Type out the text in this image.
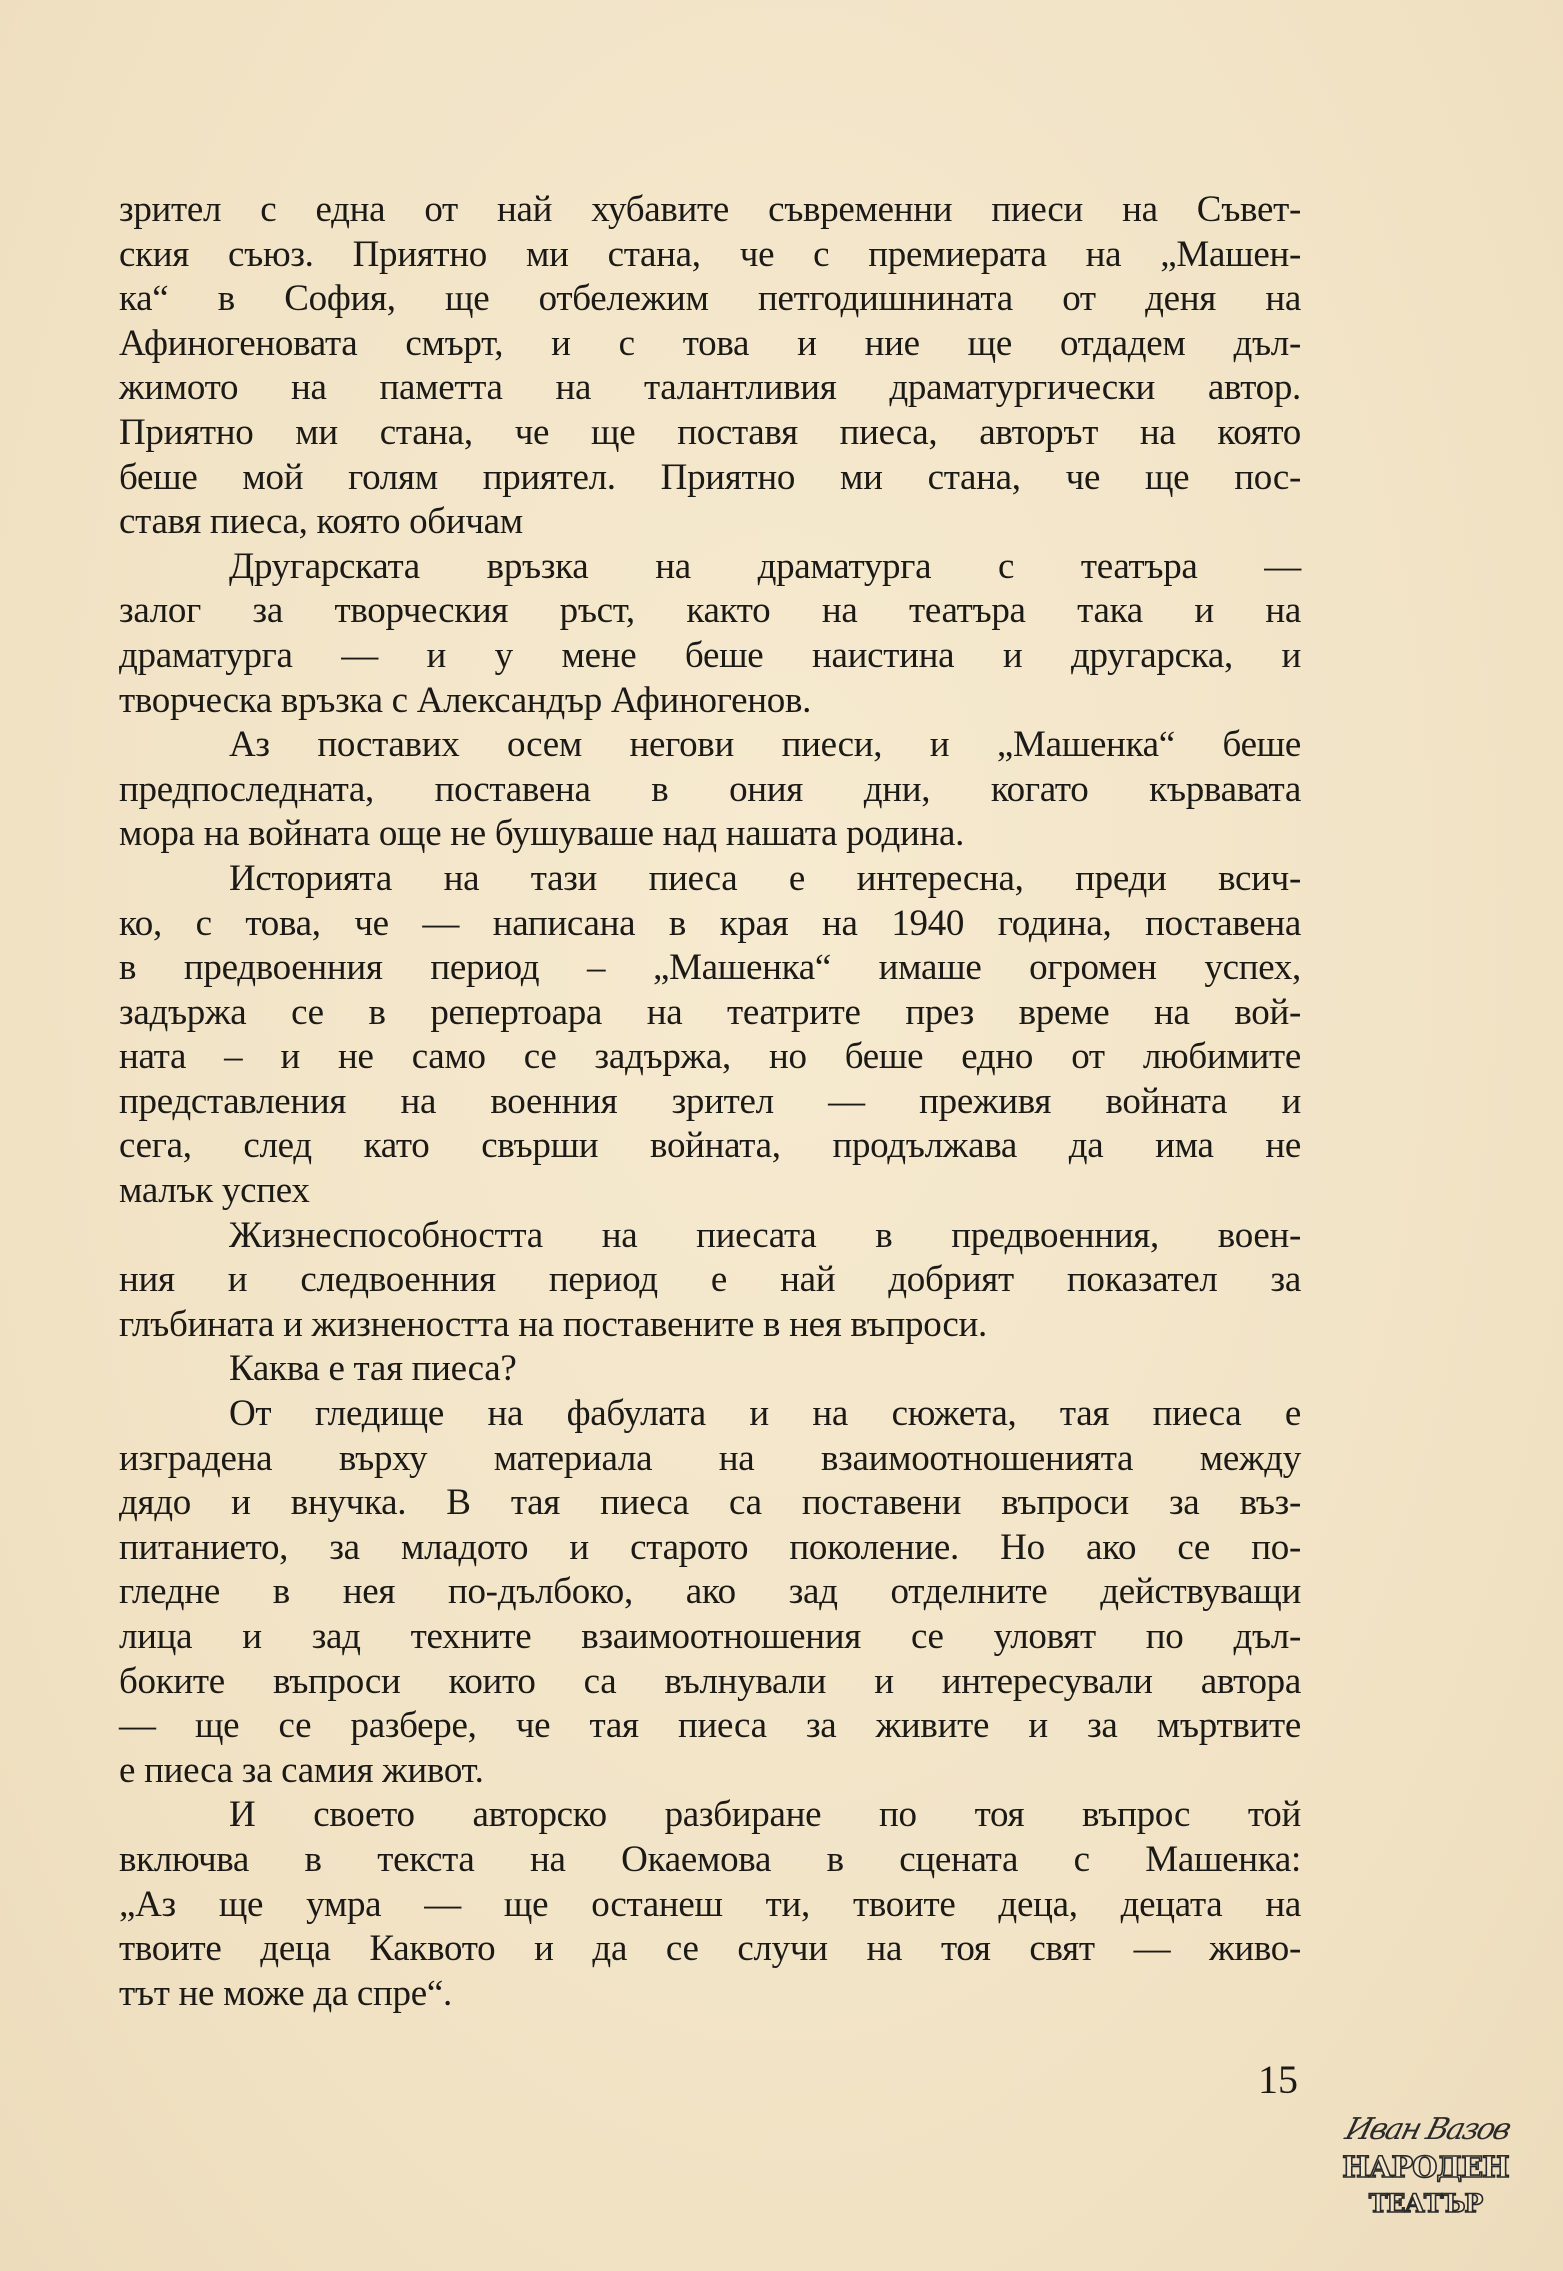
зрител с една от най хубавите съвременни пиеси на Съвет-
ския съюз. Приятно ми стана, че с премиерата на „Машен-
ка“ в София, ще отбележим петгодишнината от деня на
Афиногеновата смърт, и с това и ние ще отдадем дъл-
жимото на паметта на талантливия драматургически автор.
Приятно ми стана, че ще поставя пиеса, авторът на която
беше мой голям приятел. Приятно ми стана, че ще пос-
ставя пиеса, която обичам
Другарската връзка на драматурга с театъра —
залог за творческия ръст, както на театъра така и на
драматурга — и у мене беше наистина и другарска, и
творческа връзка с Александър Афиногенов.
Аз поставих осем негови пиеси, и „Машенка“ беше
предпоследната, поставена в ония дни, когато кървавата
мора на войната още не бушуваше над нашата родина.
Историята на тази пиеса е интересна, преди всич-
ко, с това, че — написана в края на 1940 година, поставена
в предвоенния период – „Машенка“ имаше огромен успех,
задържа се в репертоара на театрите през време на вой-
ната – и не само се задържа, но беше едно от любимите
представления на военния зрител — преживя войната и
сега, след като свърши войната, продължава да има не
малък успех
Жизнеспособността на пиесата в предвоенния, воен-
ния и следвоенния период е най добрият показател за
глъбината и жизнеността на поставените в нея въпроси.
Каква е тая пиеса?
От гледище на фабулата и на сюжета, тая пиеса е
изградена върху материала на взаимоотношенията между
дядо и внучка. В тая пиеса са поставени въпроси за въз-
питанието, за младото и старото поколение. Но ако се по-
гледне в нея по-дълбоко, ако зад отделните действуващи
лица и зад техните взаимоотношения се уловят по дъл-
боките въпроси които са вълнували и интересували автора
— ще се разбере, че тая пиеса за живите и за мъртвите
е пиеса за самия живот.
И своето авторско разбиране по тоя въпрос той
включва в текста на Окаемова в сцената с Машенка:
„Аз ще умра — ще останеш ти, твоите деца, децата на
твоите деца Каквото и да се случи на тоя свят — живо-
тът не може да спре“.
15
Иван Вазов
НАРОДЕН
ТЕАТЪР
